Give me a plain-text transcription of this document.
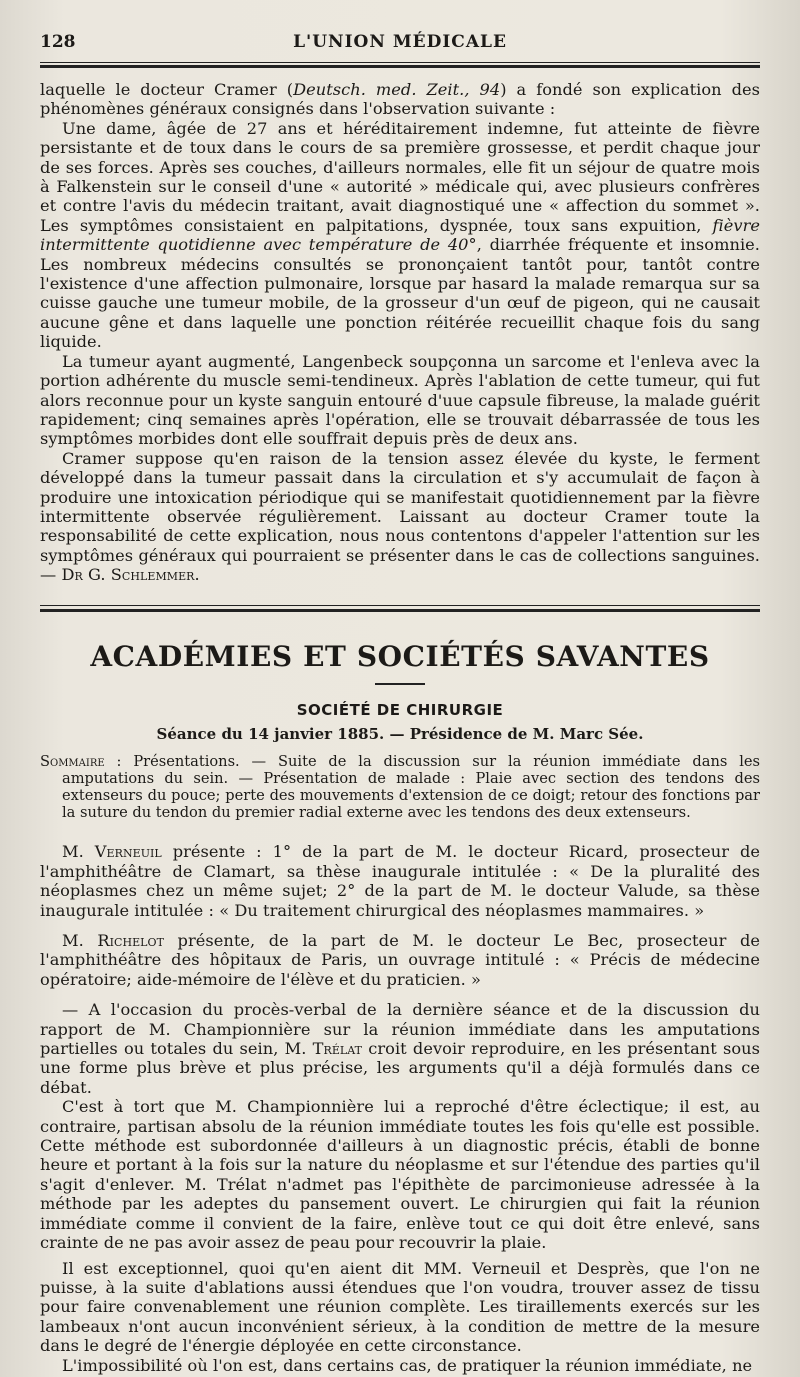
128	L'UNION MÉDICALE

laquelle le docteur Cramer (Deutsch. med. Zeit., 94) a fondé son explication des phénomènes généraux consignés dans l'observation suivante :

Une dame, âgée de 27 ans et héréditairement indemne, fut atteinte de fièvre persistante et de toux dans le cours de sa première grossesse, et perdit chaque jour de ses forces. Après ses couches, d'ailleurs normales, elle fit un séjour de quatre mois à Falkenstein sur le conseil d'une « autorité » médicale qui, avec plusieurs confrères et contre l'avis du médecin traitant, avait diagnostiqué une « affection du sommet ». Les symptômes consistaient en palpitations, dyspnée, toux sans expuition, fièvre intermittente quotidienne avec température de 40°, diarrhée fréquente et insomnie. Les nombreux médecins consultés se prononçaient tantôt pour, tantôt contre l'existence d'une affection pulmonaire, lorsque par hasard la malade remarqua sur sa cuisse gauche une tumeur mobile, de la grosseur d'un œuf de pigeon, qui ne causait aucune gêne et dans laquelle une ponction réitérée recueillit chaque fois du sang liquide.

La tumeur ayant augmenté, Langenbeck soupçonna un sarcome et l'enleva avec la portion adhérente du muscle semi-tendineux. Après l'ablation de cette tumeur, qui fut alors reconnue pour un kyste sanguin entouré d'uue capsule fibreuse, la malade guérit rapidement; cinq semaines après l'opération, elle se trouvait débarrassée de tous les symptômes morbides dont elle souffrait depuis près de deux ans.

Cramer suppose qu'en raison de la tension assez élevée du kyste, le ferment développé dans la tumeur passait dans la circulation et s'y accumulait de façon à produire une intoxication périodique qui se manifestait quotidiennement par la fièvre intermittente observée régulièrement. Laissant au docteur Cramer toute la responsabilité de cette explication, nous nous contentons d'appeler l'attention sur les symptômes généraux qui pourraient se présenter dans le cas de collections sanguines. — Dr G. Schlemmer.

ACADÉMIES ET SOCIÉTÉS SAVANTES
SOCIÉTÉ DE CHIRURGIE
Séance du 14 janvier 1885. — Présidence de M. Marc Sée.
Sommaire : Présentations. — Suite de la discussion sur la réunion immédiate dans les amputations du sein. — Présentation de malade : Plaie avec section des tendons des extenseurs du pouce; perte des mouvements d'extension de ce doigt; retour des fonctions par la suture du tendon du premier radial externe avec les tendons des deux extenseurs.

M. Verneuil présente : 1° de la part de M. le docteur Ricard, prosecteur de l'amphithéâtre de Clamart, sa thèse inaugurale intitulée : « De la pluralité des néoplasmes chez un même sujet; 2° de la part de M. le docteur Valude, sa thèse inaugurale intitulée : « Du traitement chirurgical des néoplasmes mammaires. »

M. Richelot présente, de la part de M. le docteur Le Bec, prosecteur de l'amphithéâtre des hôpitaux de Paris, un ouvrage intitulé : « Précis de médecine opératoire; aide-mémoire de l'élève et du praticien. »

— A l'occasion du procès-verbal de la dernière séance et de la discussion du rapport de M. Championnière sur la réunion immédiate dans les amputations partielles ou totales du sein, M. Trélat croit devoir reproduire, en les présentant sous une forme plus brève et plus précise, les arguments qu'il a déjà formulés dans ce débat.

C'est à tort que M. Championnière lui a reproché d'être éclectique; il est, au contraire, partisan absolu de la réunion immédiate toutes les fois qu'elle est possible. Cette méthode est subordonnée d'ailleurs à un diagnostic précis, établi de bonne heure et portant à la fois sur la nature du néoplasme et sur l'étendue des parties qu'il s'agit d'enlever. M. Trélat n'admet pas l'épithète de parcimonieuse adressée à la méthode par les adeptes du pansement ouvert. Le chirurgien qui fait la réunion immédiate comme il convient de la faire, enlève tout ce qui doit être enlevé, sans crainte de ne pas avoir assez de peau pour recouvrir la plaie.

Il est exceptionnel, quoi qu'en aient dit MM. Verneuil et Desprès, que l'on ne puisse, à la suite d'ablations aussi étendues que l'on voudra, trouver assez de tissu pour faire convenablement une réunion complète. Les tiraillements exercés sur les lambeaux n'ont aucun inconvénient sérieux, à la condition de mettre de la mesure dans le degré de l'énergie déployée en cette circonstance.

L'impossibilité où l'on est, dans certains cas, de pratiquer la réunion immédiate, ne
